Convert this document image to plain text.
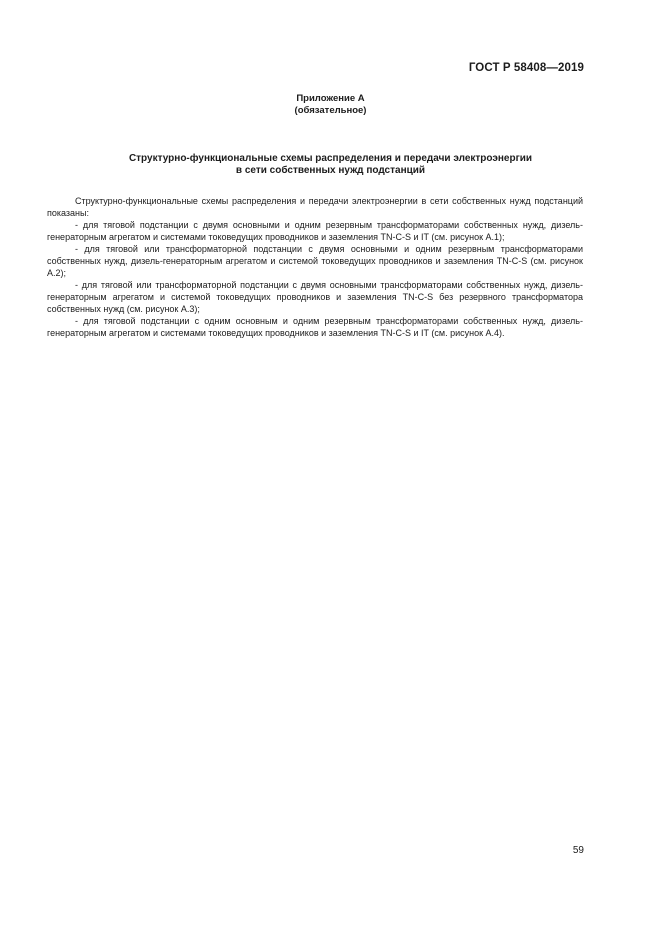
ГОСТ Р 58408—2019
Приложение А
(обязательное)
Структурно-функциональные схемы распределения и передачи электроэнергии
в сети собственных нужд подстанций

Структурно-функциональные схемы распределения и передачи электроэнергии в сети собственных нужд подстанций показаны:

- для тяговой подстанции с двумя основными и одним резервным трансформаторами собственных нужд, дизель-генераторным агрегатом и системами токоведущих проводников и заземления TN-C-S и IT (см. рисунок А.1);

- для тяговой или трансформаторной подстанции с двумя основными и одним резервным трансформаторами собственных нужд, дизель-генераторным агрегатом и системой токоведущих проводников и заземления TN-C-S (см. рисунок А.2);

- для тяговой или трансформаторной подстанции с двумя основными трансформаторами собственных нужд, дизель-генераторным агрегатом и системой токоведущих проводников и заземления TN-C-S без резервного трансформатора собственных нужд (см. рисунок А.3);

- для тяговой подстанции с одним основным и одним резервным трансформаторами собственных нужд, дизель-генераторным агрегатом и системами токоведущих проводников и заземления TN-C-S и IT (см. рисунок А.4).

59
